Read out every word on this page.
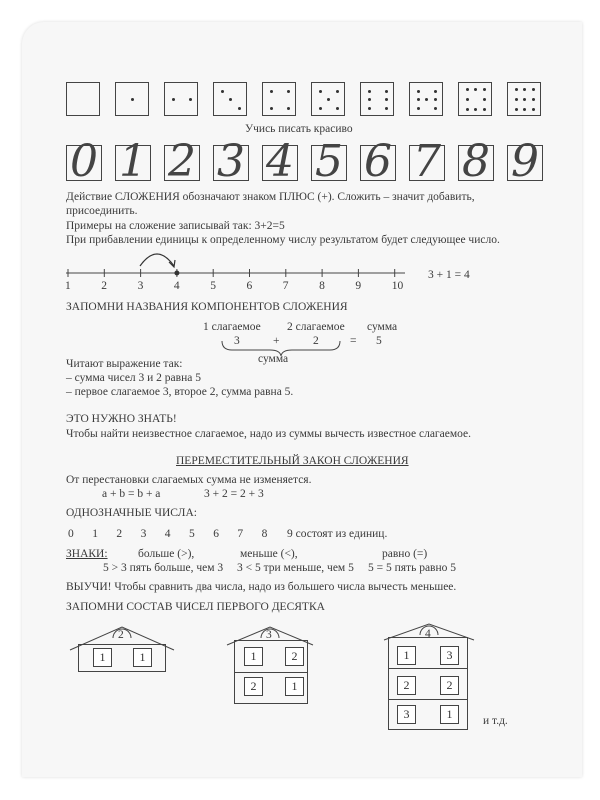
Учись писать красиво
0 1 2 3 4 5 6 7 8 9
Действие СЛОЖЕНИЯ обозначают знаком ПЛЮС (+). Сложить – значит добавить,
присоединить.
Примеры на сложение записывай так: 3+2=5
При прибавлении единицы к определенному числу результатом будет следующее число.
1	2	3	4	5	6	7	8	9	10
3 + 1 = 4
ЗАПОМНИ НАЗВАНИЯ КОМПОНЕНТОВ СЛОЖЕНИЯ
1 слагаемое 2 слагаемое сумма
3	+	2	= 5
сумма
Читают выражение так:
– сумма чисел 3 и 2 равна 5
– первое слагаемое 3, второе 2, сумма равна 5.
ЭТО НУЖНО ЗНАТЬ!
Чтобы найти неизвестное слагаемое, надо из суммы вычесть известное слагаемое.
ПЕРЕМЕСТИТЕЛЬНЫЙ ЗАКОН СЛОЖЕНИЯ
От перестановки слагаемых сумма не изменяется.
a + b = b + a	3 + 2 = 2 + 3
ОДНОЗНАЧНЫЕ ЧИСЛА:
0 1 2 3 4 5 6 7 8 9 состоят из единиц.
ЗНАКИ:	больше (>),	меньше (<),	равно (=)
5 > 3 пять больше, чем 3 3 < 5 три меньше, чем 5 5 = 5 пять равно 5
ВЫУЧИ! Чтобы сравнить два числа, надо из большего числа вычесть меньшее.
ЗАПОМНИ СОСТАВ ЧИСЕЛ ПЕРВОГО ДЕСЯТКА
2
1	1
3
1	2
2	1
4
1	3
2	2
3	1	и т.д.
